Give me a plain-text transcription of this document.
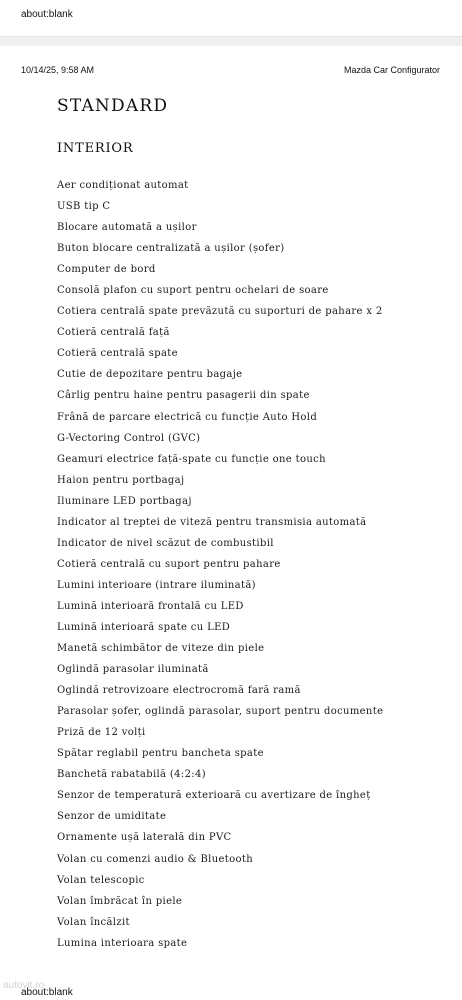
about:blank
10/14/25, 9:58 AM	Mazda Car Configurator
STANDARD
INTERIOR
Aer condiționat automat
USB tip C
Blocare automată a ușilor
Buton blocare centralizată a ușilor (șofer)
Computer de bord
Consolă plafon cu suport pentru ochelari de soare
Cotiera centrală spate prevăzută cu suporturi de pahare x 2
Cotieră centrală față
Cotieră centrală spate
Cutie de depozitare pentru bagaje
Cârlig pentru haine pentru pasagerii din spate
Frână de parcare electrică cu funcție Auto Hold
G-Vectoring Control (GVC)
Geamuri electrice față-spate cu funcție one touch
Haion pentru portbagaj
Iluminare LED portbagaj
Indicator al treptei de viteză pentru transmisia automată
Indicator de nivel scăzut de combustibil
Cotieră centrală cu suport pentru pahare
Lumini interioare (intrare iluminată)
Lumină interioară frontală cu LED
Lumină interioară spate cu LED
Manetă schimbător de viteze din piele
Oglindă parasolar iluminată
Oglindă retrovizoare electrocromă fară ramă
Parasolar șofer, oglindă parasolar, suport pentru documente
Priză de 12 volți
Spătar reglabil pentru bancheta spate
Banchetă rabatabilă (4:2:4)
Senzor de temperatură exterioară cu avertizare de îngheț
Senzor de umiditate
Ornamente ușă laterală din PVC
Volan cu comenzi audio & Bluetooth
Volan telescopic
Volan îmbrăcat în piele
Volan încălzit
Lumina interioara spate
autovit.ro
about:blank
